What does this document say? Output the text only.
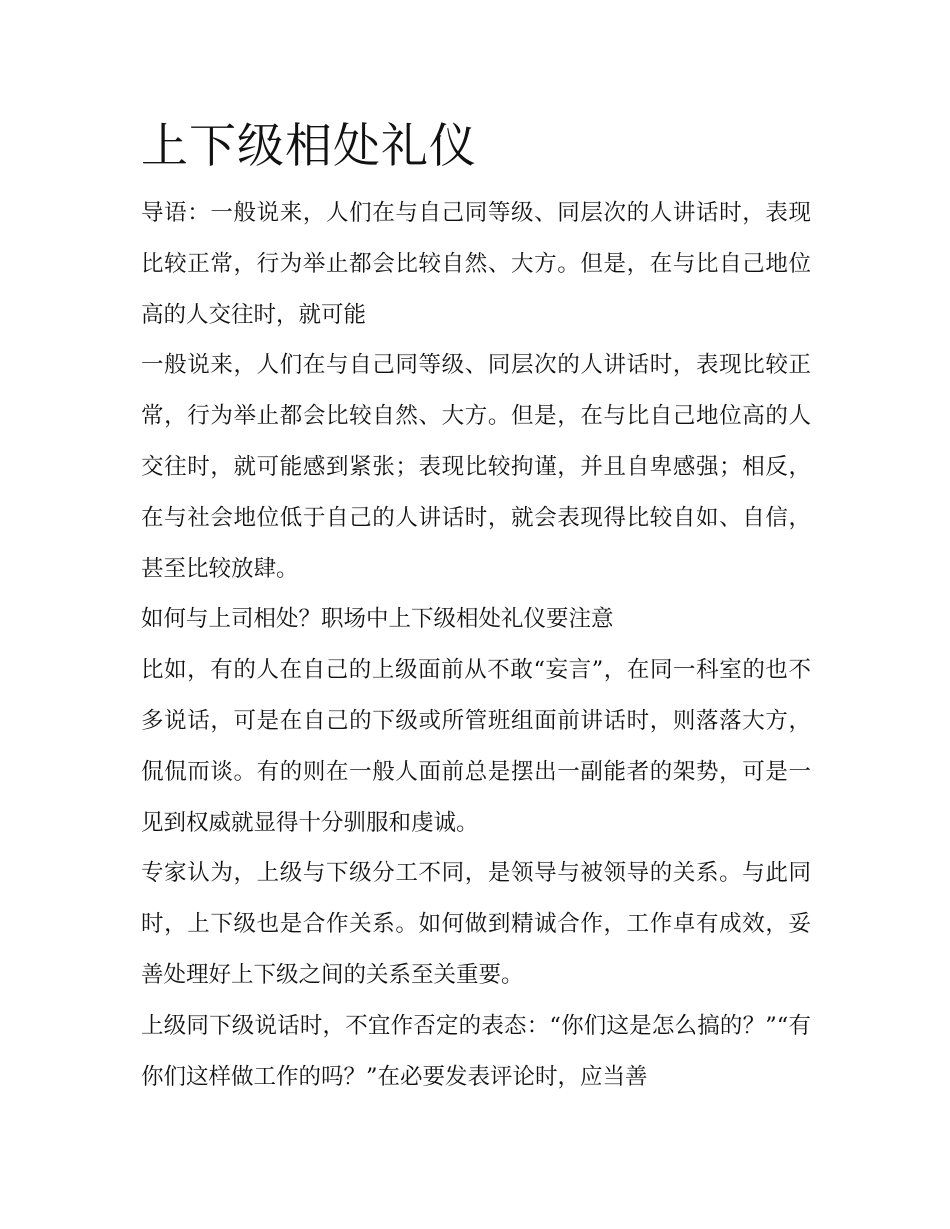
上下级相处礼仪

导语：一般说来，人们在与自己同等级、同层次的人讲话时，表现比较正常，行为举止都会比较自然、大方。但是，在与比自己地位高的人交往时，就可能

一般说来，人们在与自己同等级、同层次的人讲话时，表现比较正常，行为举止都会比较自然、大方。但是，在与比自己地位高的人交往时，就可能感到紧张；表现比较拘谨，并且自卑感强；相反，在与社会地位低于自己的人讲话时，就会表现得比较自如、自信，甚至比较放肆。

如何与上司相处？职场中上下级相处礼仪要注意

比如，有的人在自己的上级面前从不敢“妄言”，在同一科室的也不多说话，可是在自己的下级或所管班组面前讲话时，则落落大方，侃侃而谈。有的则在一般人面前总是摆出一副能者的架势，可是一见到权威就显得十分驯服和虔诚。

专家认为，上级与下级分工不同，是领导与被领导的关系。与此同时，上下级也是合作关系。如何做到精诚合作，工作卓有成效，妥善处理好上下级之间的关系至关重要。

上级同下级说话时，不宜作否定的表态：“你们这是怎么搞的？”“有你们这样做工作的吗？”在必要发表评论时，应当善
